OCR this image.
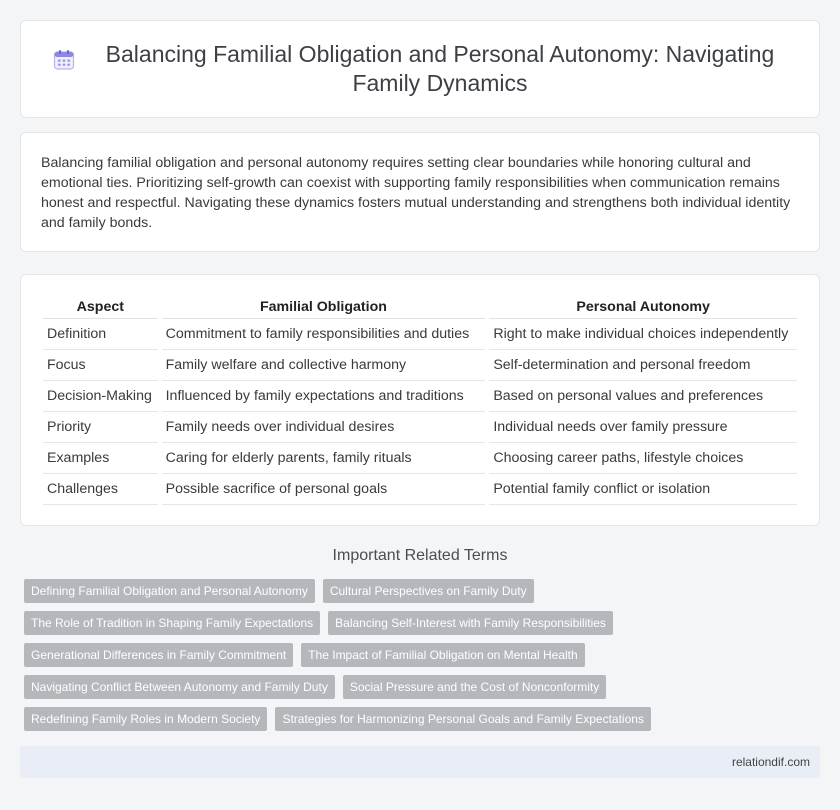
Balancing Familial Obligation and Personal Autonomy: Navigating Family Dynamics

Balancing familial obligation and personal autonomy requires setting clear boundaries while honoring cultural and emotional ties. Prioritizing self-growth can coexist with supporting family responsibilities when communication remains honest and respectful. Navigating these dynamics fosters mutual understanding and strengthens both individual identity and family bonds.

Aspect		Familial Obligation		Personal Autonomy
Definition		Commitment to family responsibilities and duties		Right to make individual choices independently
Focus		Family welfare and collective harmony		Self-determination and personal freedom
Decision-Making		Influenced by family expectations and traditions		Based on personal values and preferences
Priority		Family needs over individual desires		Individual needs over family pressure
Examples		Caring for elderly parents, family rituals		Choosing career paths, lifestyle choices
Challenges		Possible sacrifice of personal goals		Potential family conflict or isolation
Important Related Terms
Defining Familial Obligation and Personal Autonomy	Cultural Perspectives on Family Duty
The Role of Tradition in Shaping Family Expectations	Balancing Self-Interest with Family Responsibilities
Generational Differences in Family Commitment	The Impact of Familial Obligation on Mental Health
Navigating Conflict Between Autonomy and Family Duty	Social Pressure and the Cost of Nonconformity
Redefining Family Roles in Modern Society	Strategies for Harmonizing Personal Goals and Family Expectations
relationdif.com
